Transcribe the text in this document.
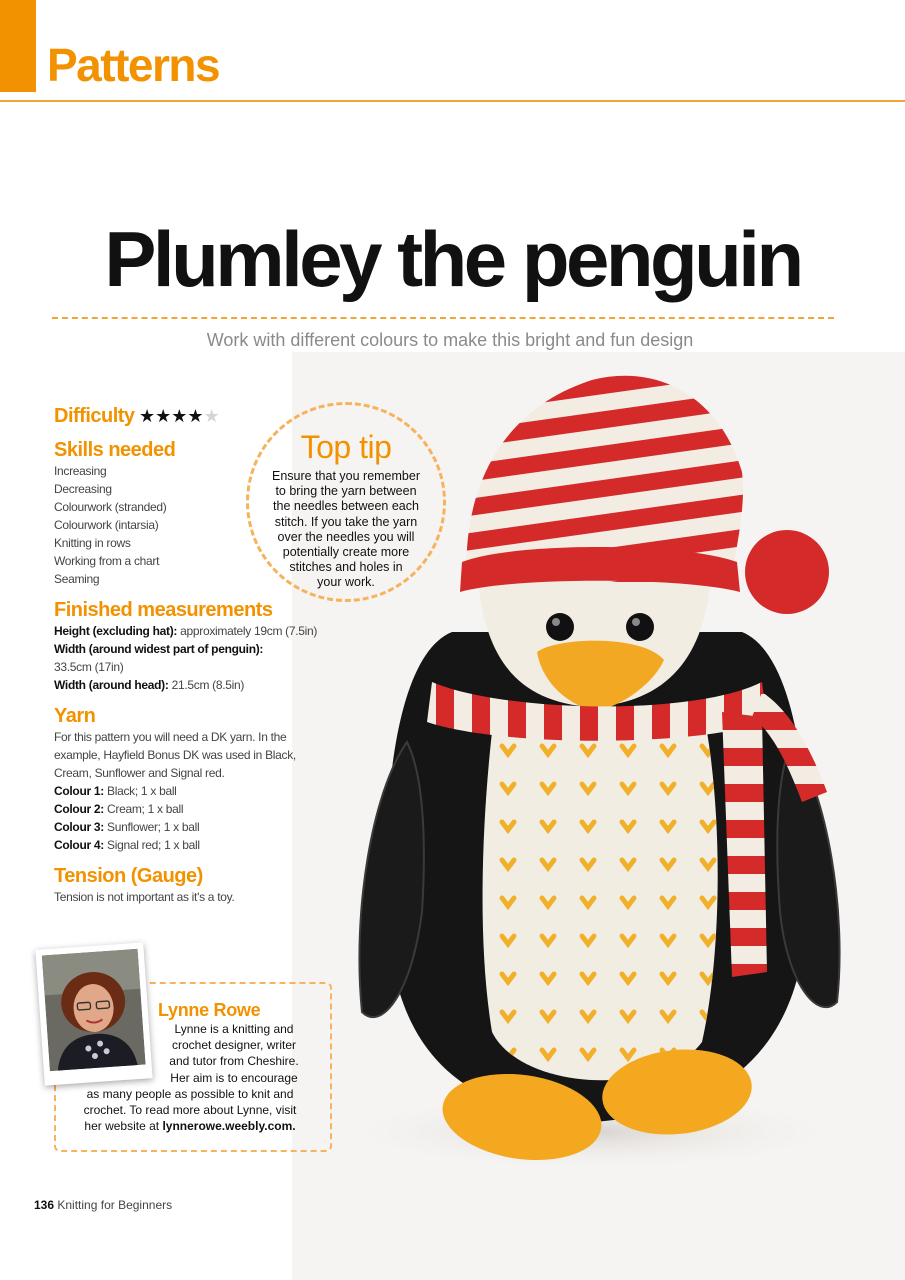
Patterns
Plumley the penguin
Work with different colours to make this bright and fun design
Difficulty ★★★★★
Skills needed
Increasing
Decreasing
Colourwork (stranded)
Colourwork (intarsia)
Knitting in rows
Working from a chart
Seaming
Finished measurements
Height (excluding hat): approximately 19cm (7.5in)
Width (around widest part of penguin):
33.5cm (17in)
Width (around head): 21.5cm (8.5in)
Yarn
For this pattern you will need a DK yarn. In the
example, Hayfield Bonus DK was used in Black,
Cream, Sunflower and Signal red.
Colour 1: Black; 1 x ball
Colour 2: Cream; 1 x ball
Colour 3: Sunflower; 1 x ball
Colour 4: Signal red; 1 x ball
Tension (Gauge)
Tension is not important as it's a toy.
Top tip
Ensure that you remember
to bring the yarn between
the needles between each
stitch. If you take the yarn
over the needles you will
potentially create more
stitches and holes in
your work.
Lynne Rowe
Lynne is a knitting and
crochet designer, writer
and tutor from Cheshire.
Her aim is to encourage
as many people as possible to knit and
crochet. To read more about Lynne, visit
her website at lynnerowe.weebly.com.
136 Knitting for Beginners
